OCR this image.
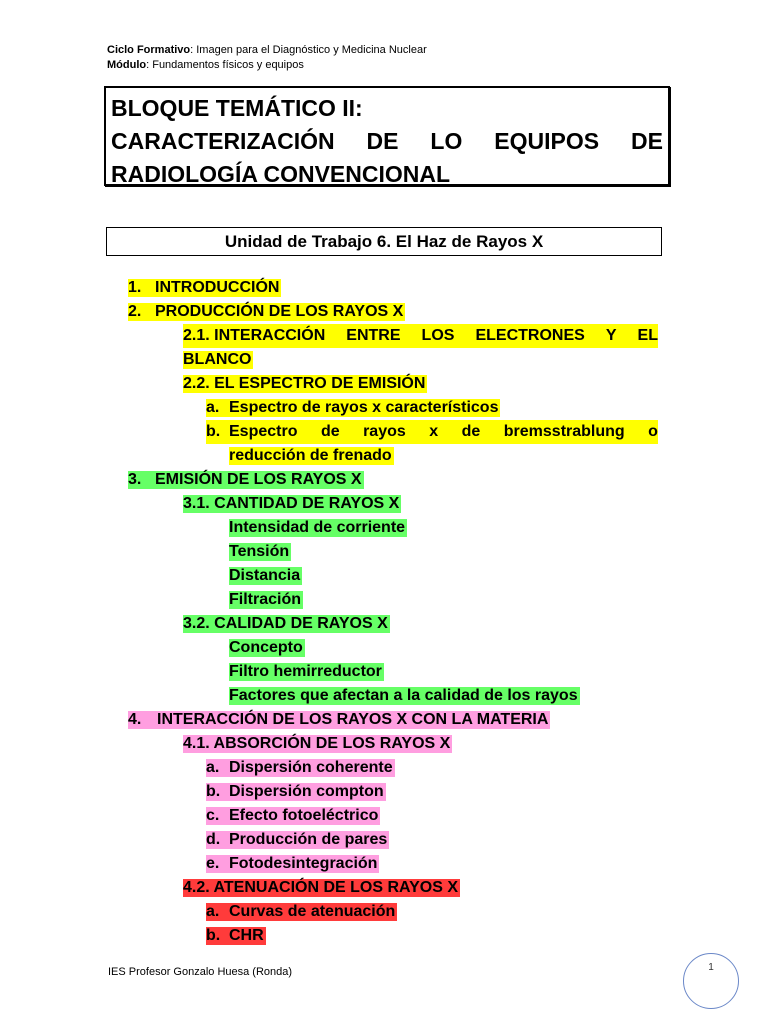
Ciclo Formativo: Imagen para el Diagnóstico y Medicina Nuclear
Módulo: Fundamentos físicos y equipos
BLOQUE TEMÁTICO II:
CARACTERIZACIÓN DE LO EQUIPOS DE
RADIOLOGÍA CONVENCIONAL
Unidad de Trabajo 6. El Haz de Rayos X
1. INTRODUCCIÓN
2. PRODUCCIÓN DE LOS RAYOS X
2.1. INTERACCIÓN ENTRE LOS ELECTRONES Y EL
BLANCO
2.2. EL ESPECTRO DE EMISIÓN
a. Espectro de rayos x característicos
b. Espectro de rayos x de bremsstrablung o
reducción de frenado
3. EMISIÓN DE LOS RAYOS X
3.1. CANTIDAD DE RAYOS X
Intensidad de corriente
Tensión
Distancia
Filtración
3.2. CALIDAD DE RAYOS X
Concepto
Filtro hemirreductor
Factores que afectan a la calidad de los rayos
4. INTERACCIÓN DE LOS RAYOS X CON LA MATERIA
4.1. ABSORCIÓN DE LOS RAYOS X
a. Dispersión coherente
b. Dispersión compton
c. Efecto fotoeléctrico
d. Producción de pares
e. Fotodesintegración
4.2. ATENUACIÓN DE LOS RAYOS X
a. Curvas de atenuación
b. CHR
IES Profesor Gonzalo Huesa (Ronda)	1
